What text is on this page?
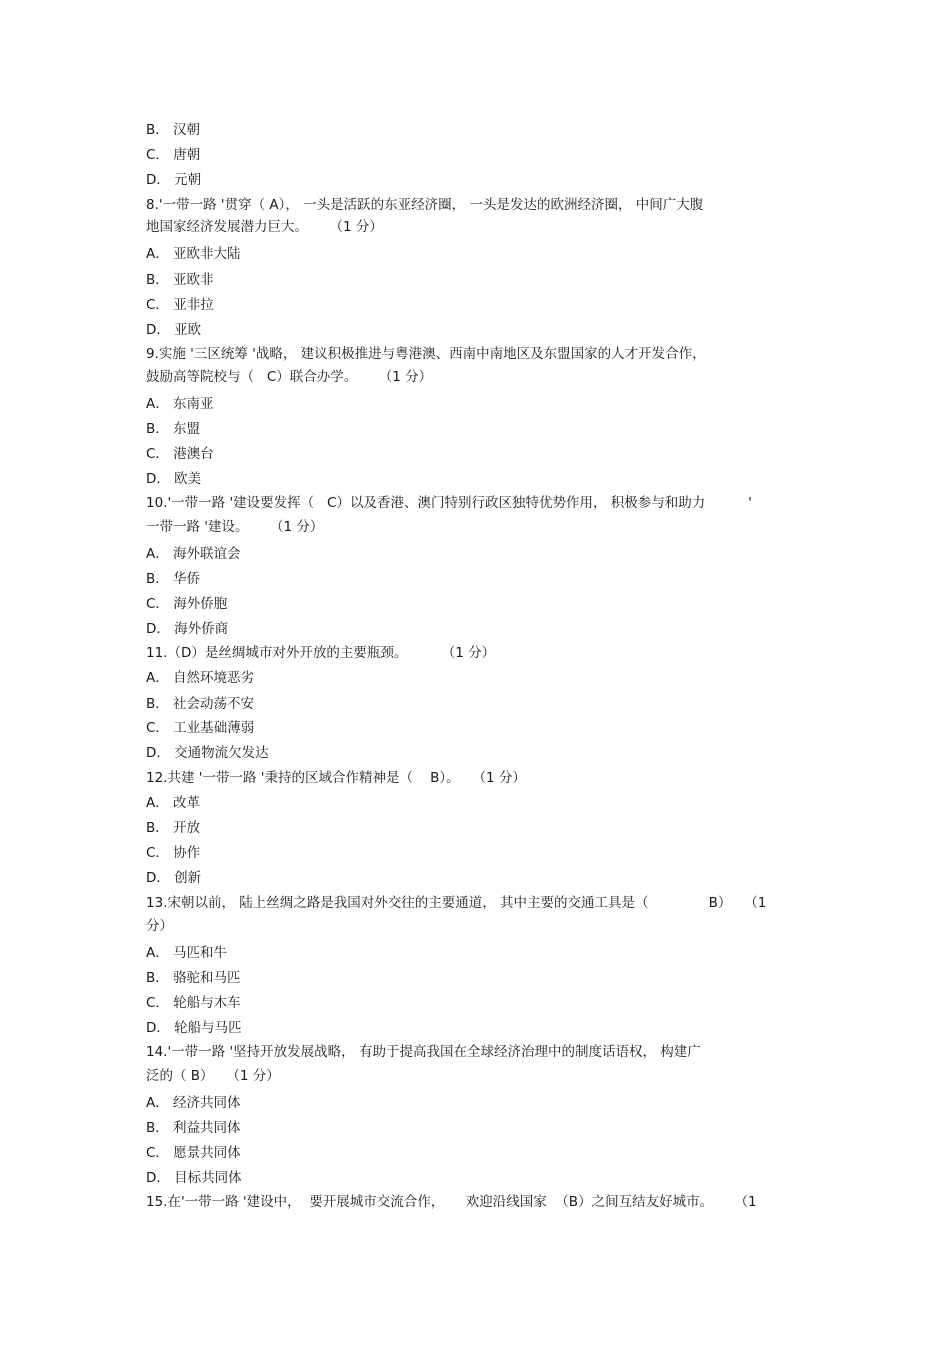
B． 汉朝
C． 唐朝
D． 元朝
8.'一带一路 '贯穿（ A）， 一头是活跃的东亚经济圈， 一头是发达的欧洲经济圈， 中间广大腹
地国家经济发展潜力巨大。     （1 分）
A． 亚欧非大陆
B． 亚欧非
C． 亚非拉
D． 亚欧
9.实施 '三区统筹 '战略， 建议积极推进与粤港澳、西南中南地区及东盟国家的人才开发合作，
鼓励高等院校与（   C）联合办学。     （1 分）
A． 东南亚
B． 东盟
C． 港澳台
D． 欧美
10.'一带一路 '建设要发挥（   C）以及香港、澳门特别行政区独特优势作用， 积极参与和助力          '
一带一路 '建设。     （1 分）
A． 海外联谊会
B． 华侨
C． 海外侨胞
D． 海外侨商
11.（D）是丝绸城市对外开放的主要瓶颈。        （1 分）
A． 自然环境恶劣
B． 社会动荡不安
C． 工业基础薄弱
D． 交通物流欠发达
12.共建 '一带一路 '秉持的区域合作精神是（    B）。   （1 分）
A． 改革
B． 开放
C． 协作
D． 创新
13.宋朝以前， 陆上丝绸之路是我国对外交往的主要通道， 其中主要的交通工具是（              B）   （1
分）
A． 马匹和牛
B． 骆驼和马匹
C． 轮船与木车
D． 轮船与马匹
14.'一带一路 '坚持开放发展战略， 有助于提高我国在全球经济治理中的制度话语权， 构建广
泛的（ B）   （1 分）
A． 经济共同体
B． 利益共同体
C． 愿景共同体
D． 目标共同体
15.在'一带一路 '建设中，  要开展城市交流合作，     欢迎沿线国家  （B）之间互结友好城市。     （1
